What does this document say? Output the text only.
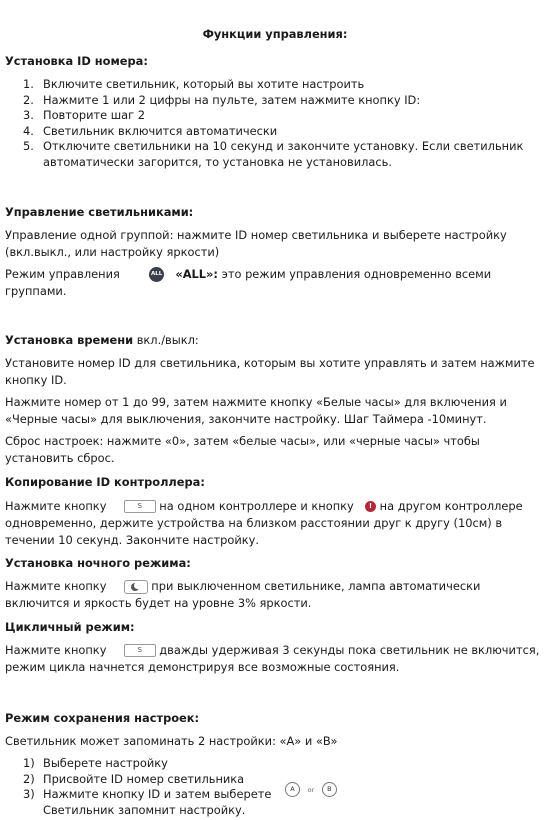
Функции управления:
Установка ID номера:
1. Включите светильник, который вы хотите настроить
2. Нажмите 1 или 2 цифры на пульте, затем нажмите кнопку ID:
3. Повторите шаг 2
4. Светильник включится автоматически
5. Отключите светильники на 10 секунд и закончите установку. Если светильник автоматически загорится, то установка не установилась.
Управление светильниками:

Управление одной группой: нажмите ID номер светильника и выберете настройку (вкл.выкл., или настройку яркости)

Режим управления	ALL «ALL»: это режим управления одновременно всеми группами.

Установка времени вкл./выкл:

Установите номер ID для светильника, которым вы хотите управлять и затем нажмите кнопку ID.

Нажмите номер от 1 до 99, затем нажмите кнопку «Белые часы» для включения и «Черные часы» для выключения, закончите настройку. Шаг Таймера -10минут.

Сброс настроек: нажмите «0», затем «белые часы», или «черные часы» чтобы установить сброс.

Копирование ID контроллера:

Нажмите кнопку	S на одном контроллере и кнопку ! на другом контроллере одновременно, держите устройства на близком расстоянии друг к другу (10см) в течении 10 секунд. Закончите настройку.

Установка ночного режима:

Нажмите кнопку	при выключенном светильнике, лампа автоматически включится и яркость будет на уровне 3% яркости.

Цикличный режим:

Нажмите кнопку	S дважды удерживая 3 секунды пока светильник не включится, режим цикла начнется демонстрируя все возможные состояния.

Режим сохранения настроек:

Светильник может запоминать 2 настройки: «A» и «B»

1) Выберете настройку
2) Присвойте ID номер светильника
3) Нажмите кнопку ID и затем выберете Светильник запомнит настройку.
A or B
